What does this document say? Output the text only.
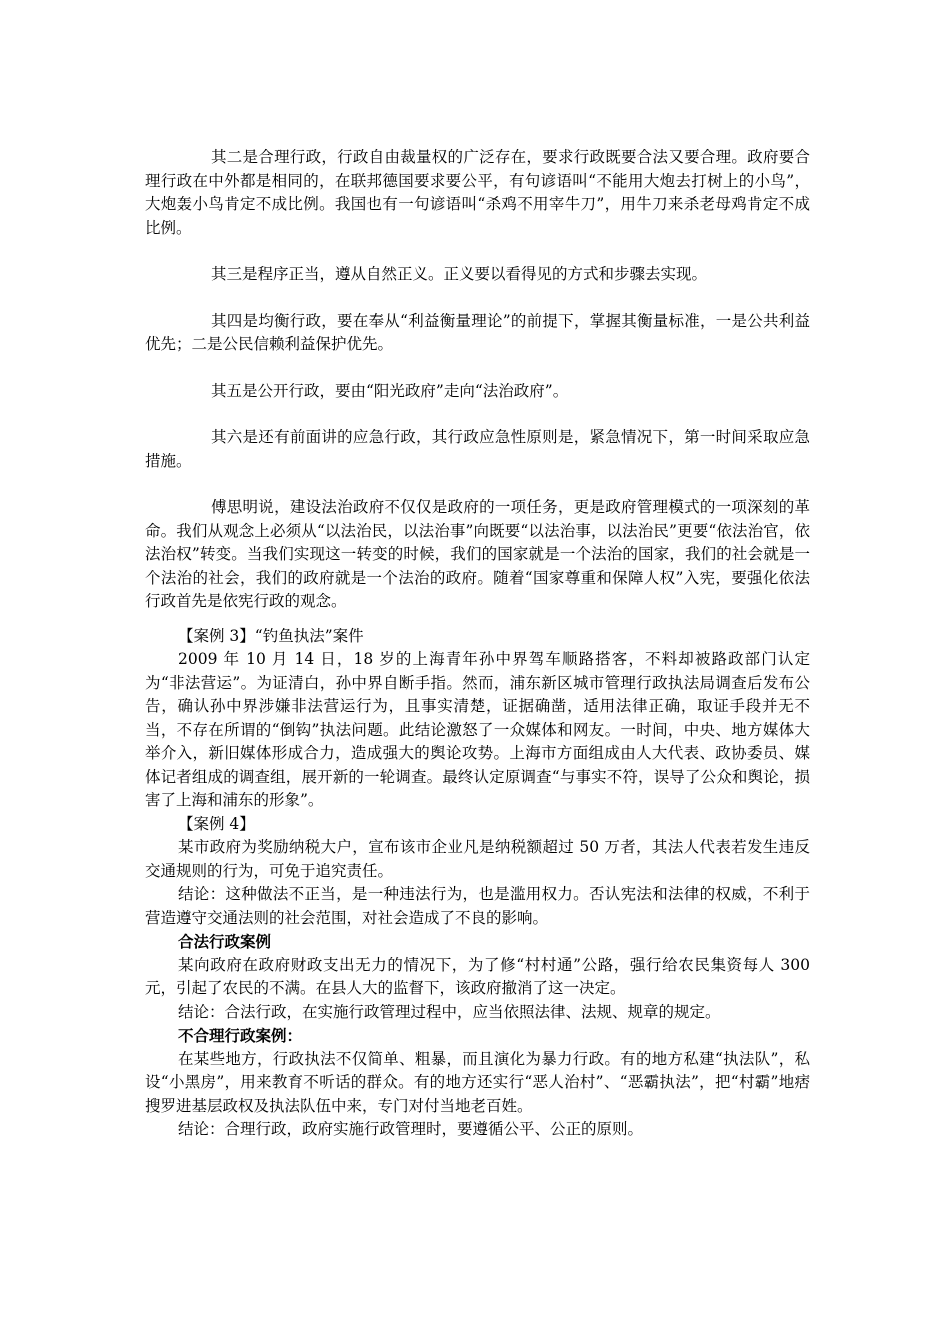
其二是合理行政，行政自由裁量权的广泛存在，要求行政既要合法又要合理。政府要合理行政在中外都是相同的，在联邦德国要求要公平，有句谚语叫“不能用大炮去打树上的小鸟”，大炮轰小鸟肯定不成比例。我国也有一句谚语叫“杀鸡不用宰牛刀”，用牛刀来杀老母鸡肯定不成比例。

其三是程序正当，遵从自然正义。正义要以看得见的方式和步骤去实现。

其四是均衡行政，要在奉从“利益衡量理论”的前提下，掌握其衡量标准，一是公共利益优先；二是公民信赖利益保护优先。

其五是公开行政，要由“阳光政府”走向“法治政府”。

其六是还有前面讲的应急行政，其行政应急性原则是，紧急情况下，第一时间采取应急措施。

傅思明说，建设法治政府不仅仅是政府的一项任务，更是政府管理模式的一项深刻的革命。我们从观念上必须从“以法治民，以法治事”向既要“以法治事，以法治民”更要“依法治官，依法治权”转变。当我们实现这一转变的时候，我们的国家就是一个法治的国家，我们的社会就是一个法治的社会，我们的政府就是一个法治的政府。随着“国家尊重和保障人权”入宪，要强化依法行政首先是依宪行政的观念。

【案例 3】“钓鱼执法”案件

2009 年 10 月 14 日，18 岁的上海青年孙中界驾车顺路搭客，不料却被路政部门认定为“非法营运”。为证清白，孙中界自断手指。然而，浦东新区城市管理行政执法局调查后发布公告，确认孙中界涉嫌非法营运行为，且事实清楚，证据确凿，适用法律正确，取证手段并无不当，不存在所谓的“倒钩”执法问题。此结论激怒了一众媒体和网友。一时间，中央、地方媒体大举介入，新旧媒体形成合力，造成强大的舆论攻势。上海市方面组成由人大代表、政协委员、媒体记者组成的调查组，展开新的一轮调查。最终认定原调查“与事实不符，误导了公众和舆论，损害了上海和浦东的形象”。

【案例 4】

某市政府为奖励纳税大户，宣布该市企业凡是纳税额超过 50 万者，其法人代表若发生违反交通规则的行为，可免于追究责任。

结论：这种做法不正当，是一种违法行为，也是滥用权力。否认宪法和法律的权威，不利于营造遵守交通法则的社会范围，对社会造成了不良的影响。

合法行政案例

某向政府在政府财政支出无力的情况下，为了修“村村通”公路，强行给农民集资每人 300 元，引起了农民的不满。在县人大的监督下，该政府撤消了这一决定。

结论：合法行政，在实施行政管理过程中，应当依照法律、法规、规章的规定。

不合理行政案例：

在某些地方，行政执法不仅简单、粗暴，而且演化为暴力行政。有的地方私建“执法队”，私设“小黑房”，用来教育不听话的群众。有的地方还实行“恶人治村”、“恶霸执法”，把“村霸”地痞搜罗进基层政权及执法队伍中来，专门对付当地老百姓。

结论：合理行政，政府实施行政管理时，要遵循公平、公正的原则。
